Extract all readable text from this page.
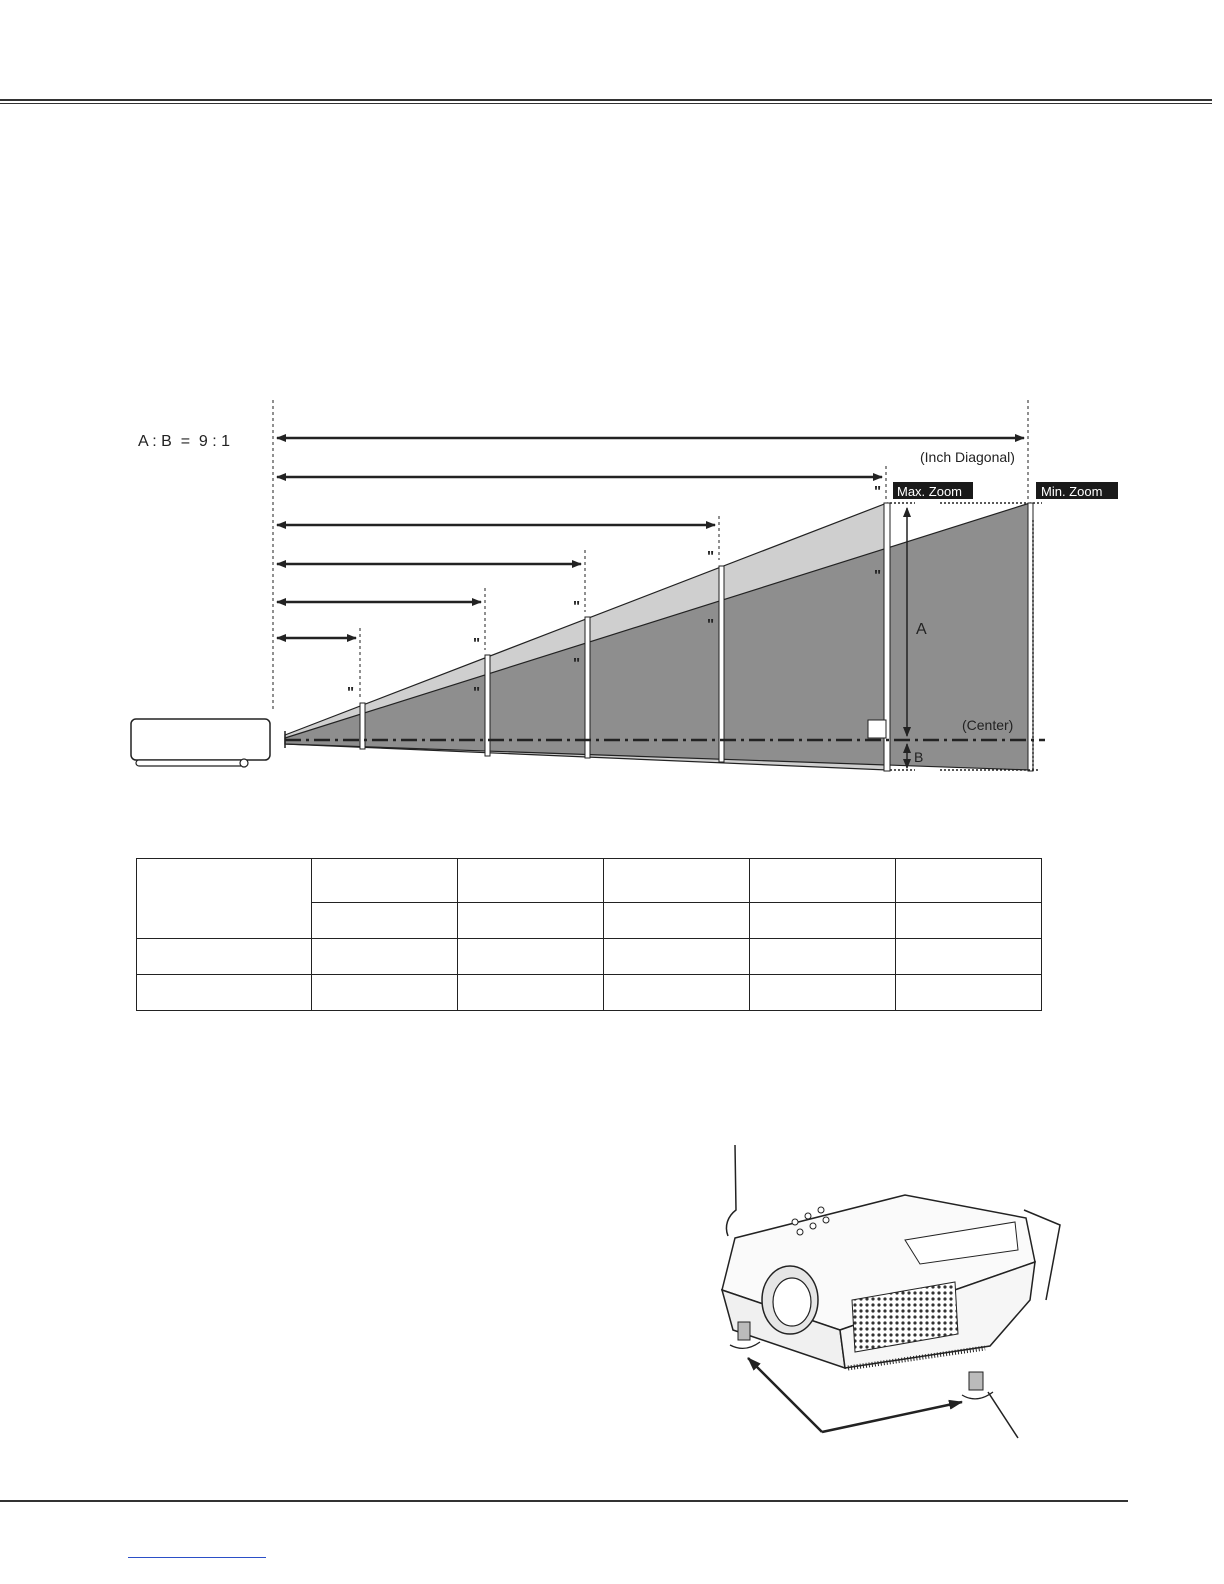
A : B  =  9 : 1
(Inch Diagonal)
Max. Zoom	Min. Zoom
(Center)
A
B
"
"
"
"
"
"
"
"	"
